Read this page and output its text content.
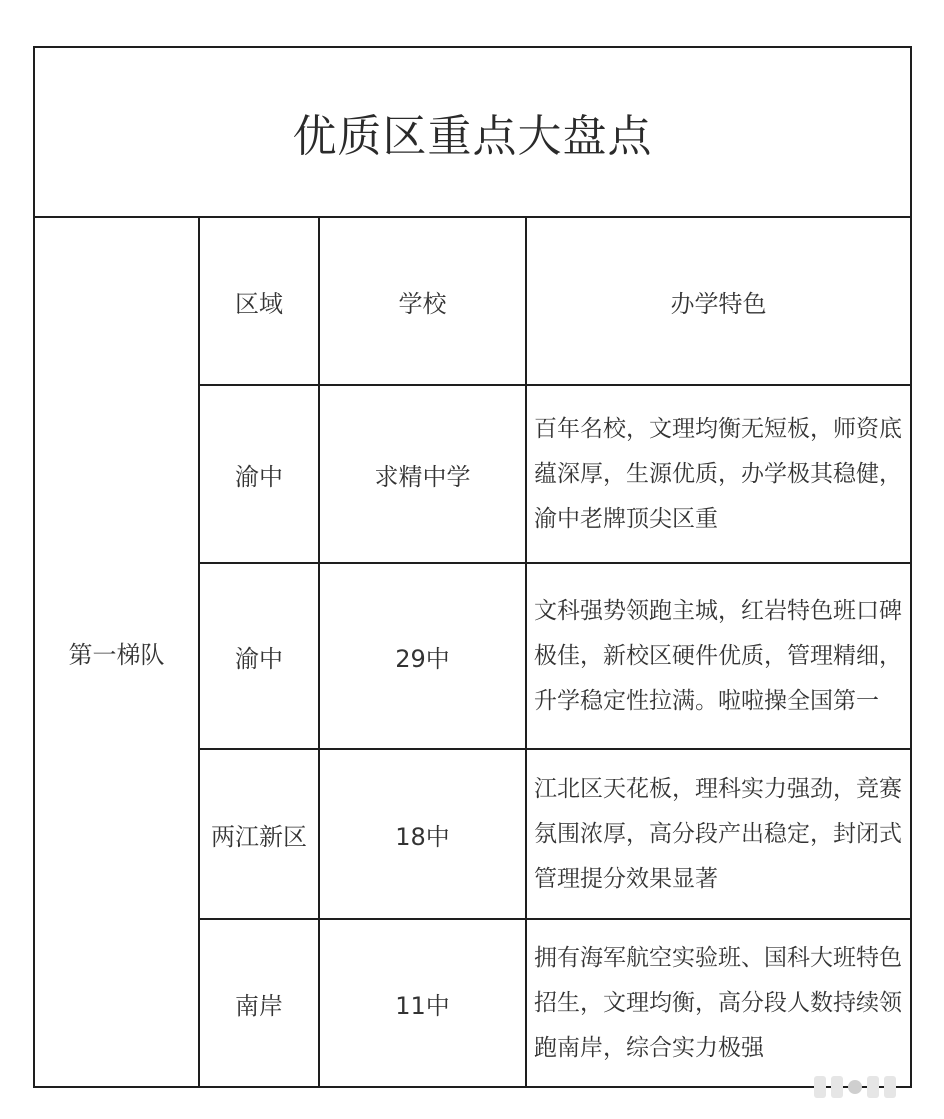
优质区重点大盘点			
第一梯队	区域	学校	办学特色
	渝中	求精中学	百年名校，文理均衡无短板，师资底蕴深厚，生源优质，办学极其稳健，渝中老牌顶尖区重
	渝中	29中	文科强势领跑主城，红岩特色班口碑极佳，新校区硬件优质，管理精细，升学稳定性拉满。啦啦操全国第一
	两江新区	18中	江北区天花板，理科实力强劲，竞赛氛围浓厚，高分段产出稳定，封闭式管理提分效果显著
	南岸	11中	拥有海军航空实验班、国科大班特色招生，文理均衡，高分段人数持续领跑南岸，综合实力极强
